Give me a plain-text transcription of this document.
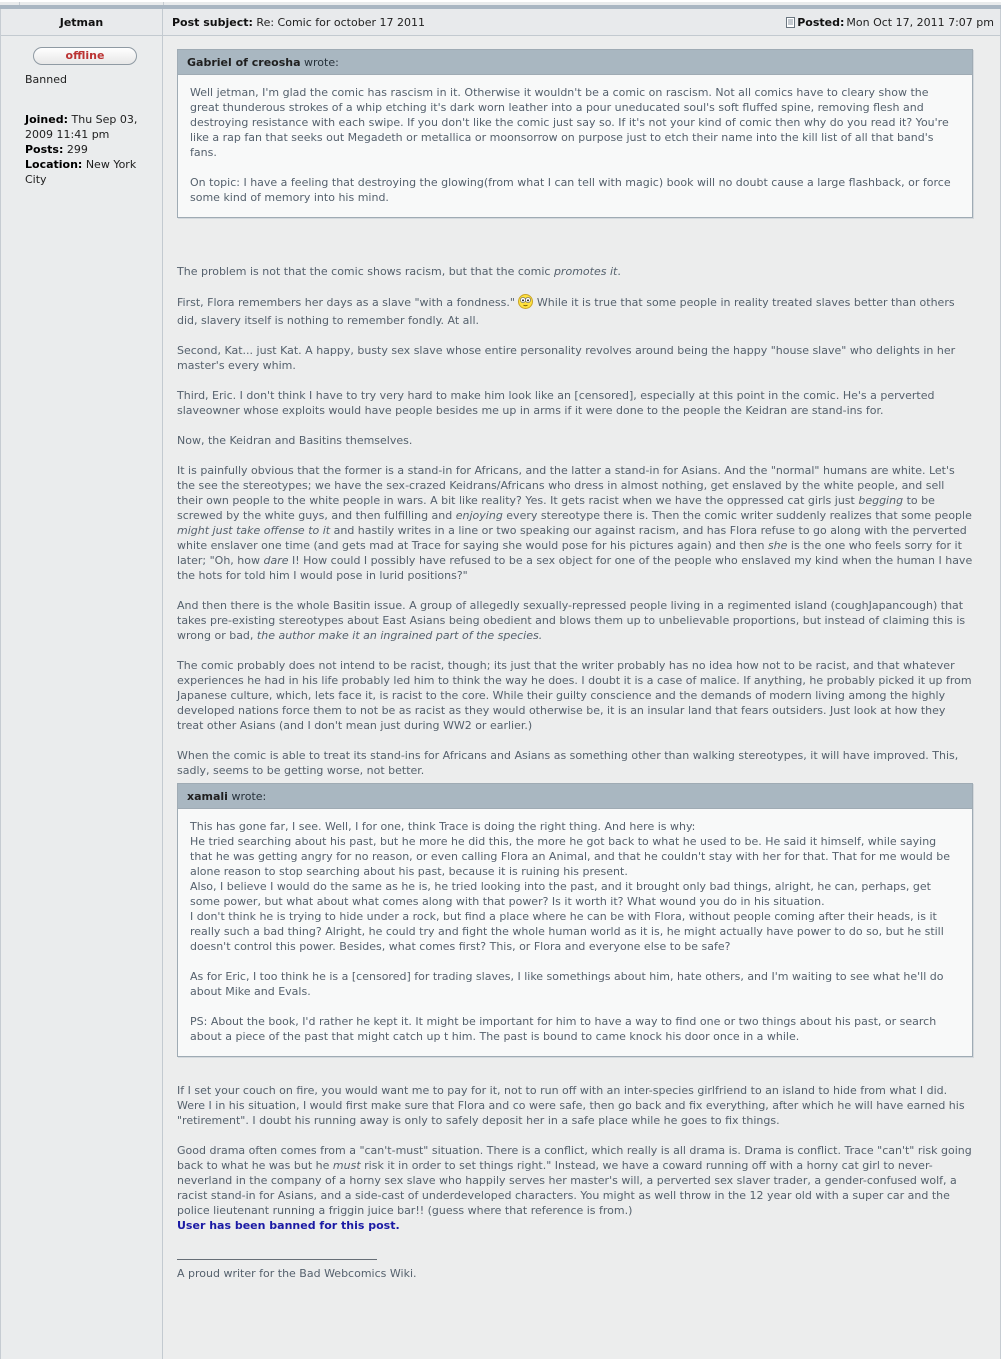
Jetman	Post subject: Re: Comic for october 17 2011	Posted: Mon Oct 17, 2011 7:07 pm
offline
Banned
Joined: Thu Sep 03, 2009 11:41 pm
Posts: 299
Location: New York City
Gabriel of creosha wrote:
Well jetman, I'm glad the comic has rascism in it. Otherwise it wouldn't be a comic on rascism. Not all comics have to cleary show the great thunderous strokes of a whip etching it's dark worn leather into a pour uneducated soul's soft fluffed spine, removing flesh and destroying resistance with each swipe. If you don't like the comic just say so. If it's not your kind of comic then why do you read it? You're like a rap fan that seeks out Megadeth or metallica or moonsorrow on purpose just to etch their name into the kill list of all that band's fans.
On topic: I have a feeling that destroying the glowing(from what I can tell with magic) book will no doubt cause a large flashback, or force some kind of memory into his mind.
The problem is not that the comic shows racism, but that the comic promotes it.
First, Flora remembers her days as a slave "with a fondness."  While it is true that some people in reality treated slaves better than others did, slavery itself is nothing to remember fondly. At all.
Second, Kat... just Kat. A happy, busty sex slave whose entire personality revolves around being the happy "house slave" who delights in her master's every whim.
Third, Eric. I don't think I have to try very hard to make him look like an [censored], especially at this point in the comic. He's a perverted slaveowner whose exploits would have people besides me up in arms if it were done to the people the Keidran are stand-ins for.
Now, the Keidran and Basitins themselves.
It is painfully obvious that the former is a stand-in for Africans, and the latter a stand-in for Asians. And the "normal" humans are white. Let's the see the stereotypes; we have the sex-crazed Keidrans/Africans who dress in almost nothing, get enslaved by the white people, and sell their own people to the white people in wars. A bit like reality? Yes. It gets racist when we have the oppressed cat girls just begging to be screwed by the white guys, and then fulfilling and enjoying every stereotype there is. Then the comic writer suddenly realizes that some people might just take offense to it and hastily writes in a line or two speaking our against racism, and has Flora refuse to go along with the perverted white enslaver one time (and gets mad at Trace for saying she would pose for his pictures again) and then she is the one who feels sorry for it later; "Oh, how dare I! How could I possibly have refused to be a sex object for one of the people who enslaved my kind when the human I have the hots for told him I would pose in lurid positions?"
And then there is the whole Basitin issue. A group of allegedly sexually-repressed people living in a regimented island (coughJapancough) that takes pre-existing stereotypes about East Asians being obedient and blows them up to unbelievable proportions, but instead of claiming this is wrong or bad, the author make it an ingrained part of the species.
The comic probably does not intend to be racist, though; its just that the writer probably has no idea how not to be racist, and that whatever experiences he had in his life probably led him to think the way he does. I doubt it is a case of malice. If anything, he probably picked it up from Japanese culture, which, lets face it, is racist to the core. While their guilty conscience and the demands of modern living among the highly developed nations force them to not be as racist as they would otherwise be, it is an insular land that fears outsiders. Just look at how they treat other Asians (and I don't mean just during WW2 or earlier.)
When the comic is able to treat its stand-ins for Africans and Asians as something other than walking stereotypes, it will have improved. This, sadly, seems to be getting worse, not better.
xamali wrote:
This has gone far, I see. Well, I for one, think Trace is doing the right thing. And here is why:
He tried searching about his past, but he more he did this, the more he got back to what he used to be. He said it himself, while saying that he was getting angry for no reason, or even calling Flora an Animal, and that he couldn't stay with her for that. That for me would be alone reason to stop searching about his past, because it is ruining his present.
Also, I believe I would do the same as he is, he tried looking into the past, and it brought only bad things, alright, he can, perhaps, get some power, but what about what comes along with that power? Is it worth it? What wound you do in his situation.
I don't think he is trying to hide under a rock, but find a place where he can be with Flora, without people coming after their heads, is it really such a bad thing? Alright, he could try and fight the whole human world as it is, he might actually have power to do so, but he still doesn't control this power. Besides, what comes first? This, or Flora and everyone else to be safe?
As for Eric, I too think he is a [censored] for trading slaves, I like somethings about him, hate others, and I'm waiting to see what he'll do about Mike and Evals.
PS: About the book, I'd rather he kept it. It might be important for him to have a way to find one or two things about his past, or search about a piece of the past that might catch up t him. The past is bound to came knock his door once in a while.
If I set your couch on fire, you would want me to pay for it, not to run off with an inter-species girlfriend to an island to hide from what I did. Were I in his situation, I would first make sure that Flora and co were safe, then go back and fix everything, after which he will have earned his "retirement". I doubt his running away is only to safely deposit her in a safe place while he goes to fix things.
Good drama often comes from a "can't-must" situation. There is a conflict, which really is all drama is. Drama is conflict. Trace "can't" risk going back to what he was but he must risk it in order to set things right." Instead, we have a coward running off with a horny cat girl to never-neverland in the company of a horny sex slave who happily serves her master's will, a perverted sex slaver trader, a gender-confused wolf, a racist stand-in for Asians, and a side-cast of underdeveloped characters. You might as well throw in the 12 year old with a super car and the police lieutenant running a friggin juice bar!! (guess where that reference is from.)
User has been banned for this post.
A proud writer for the Bad Webcomics Wiki.
